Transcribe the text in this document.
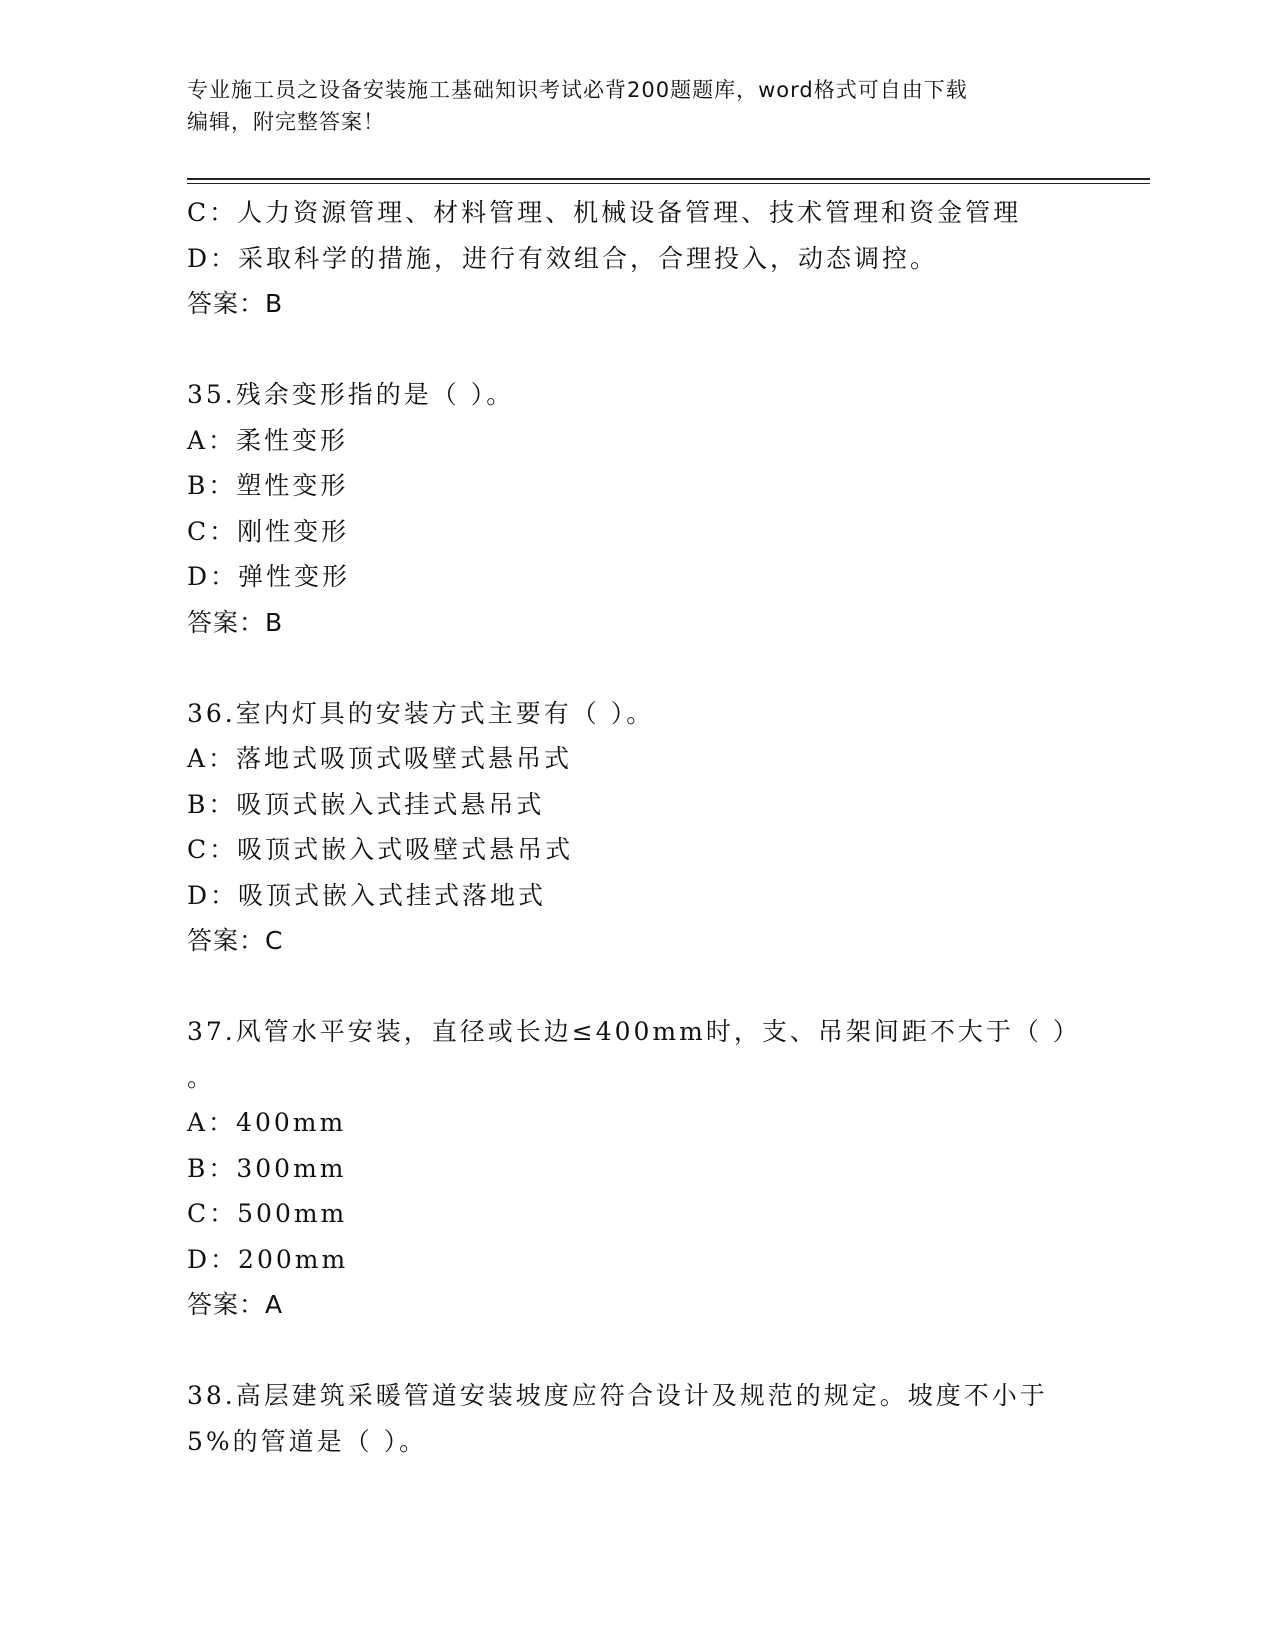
专业施工员之设备安装施工基础知识考试必背200题题库，word格式可自由下载
编辑，附完整答案！
C：人力资源管理、材料管理、机械设备管理、技术管理和资金管理
D：采取科学的措施，进行有效组合，合理投入，动态调控。
答案：B
35.残余变形指的是（ ）。
A：柔性变形
B：塑性变形
C：刚性变形
D：弹性变形
答案：B
36.室内灯具的安装方式主要有（ ）。
A：落地式吸顶式吸壁式悬吊式
B：吸顶式嵌入式挂式悬吊式
C：吸顶式嵌入式吸壁式悬吊式
D：吸顶式嵌入式挂式落地式
答案：C
37.风管水平安装，直径或长边≤400mm时，支、吊架间距不大于（ ）
。
A：400mm
B：300mm
C：500mm
D：200mm
答案：A
38.高层建筑采暖管道安装坡度应符合设计及规范的规定。坡度不小于
5%的管道是（ ）。
